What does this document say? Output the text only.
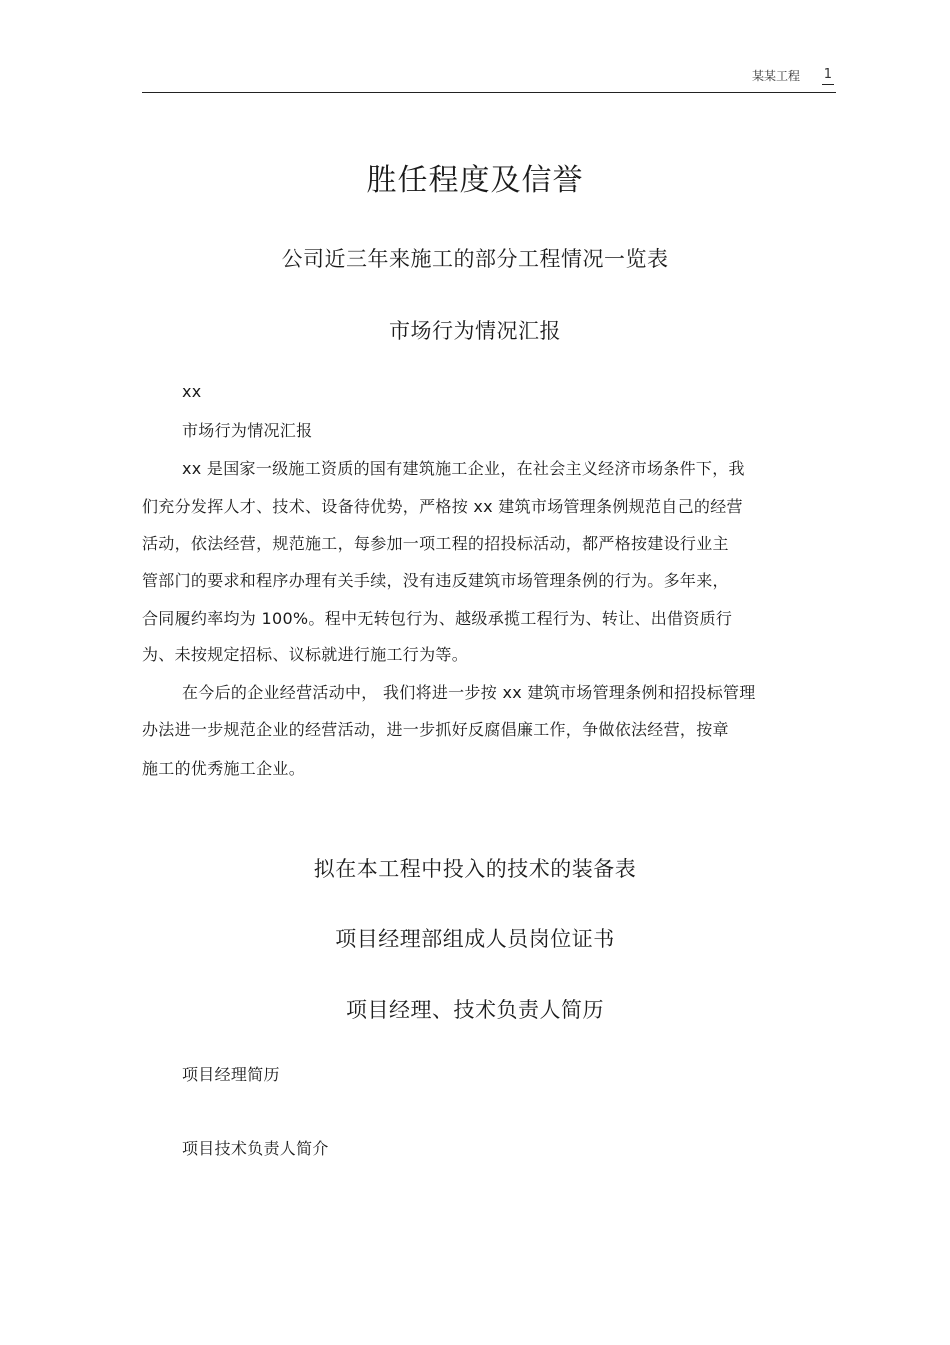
某某工程 1
胜任程度及信誉
公司近三年来施工的部分工程情况一览表
市场行为情况汇报
xx
市场行为情况汇报
xx 是国家一级施工资质的国有建筑施工企业，在社会主义经济市场条件下，我
们充分发挥人才、技术、设备待优势，严格按 xx 建筑市场管理条例规范自己的经营
活动，依法经营，规范施工，每参加一项工程的招投标活动，都严格按建设行业主
管部门的要求和程序办理有关手续，没有违反建筑市场管理条例的行为。多年来，
合同履约率均为 100%。程中无转包行为、越级承揽工程行为、转让、出借资质行
为、未按规定招标、议标就进行施工行为等。
在今后的企业经营活动中， 我们将进一步按 xx 建筑市场管理条例和招投标管理
办法进一步规范企业的经营活动，进一步抓好反腐倡廉工作，争做依法经营，按章
施工的优秀施工企业。
拟在本工程中投入的技术的装备表
项目经理部组成人员岗位证书
项目经理、技术负责人简历
项目经理简历
项目技术负责人简介
